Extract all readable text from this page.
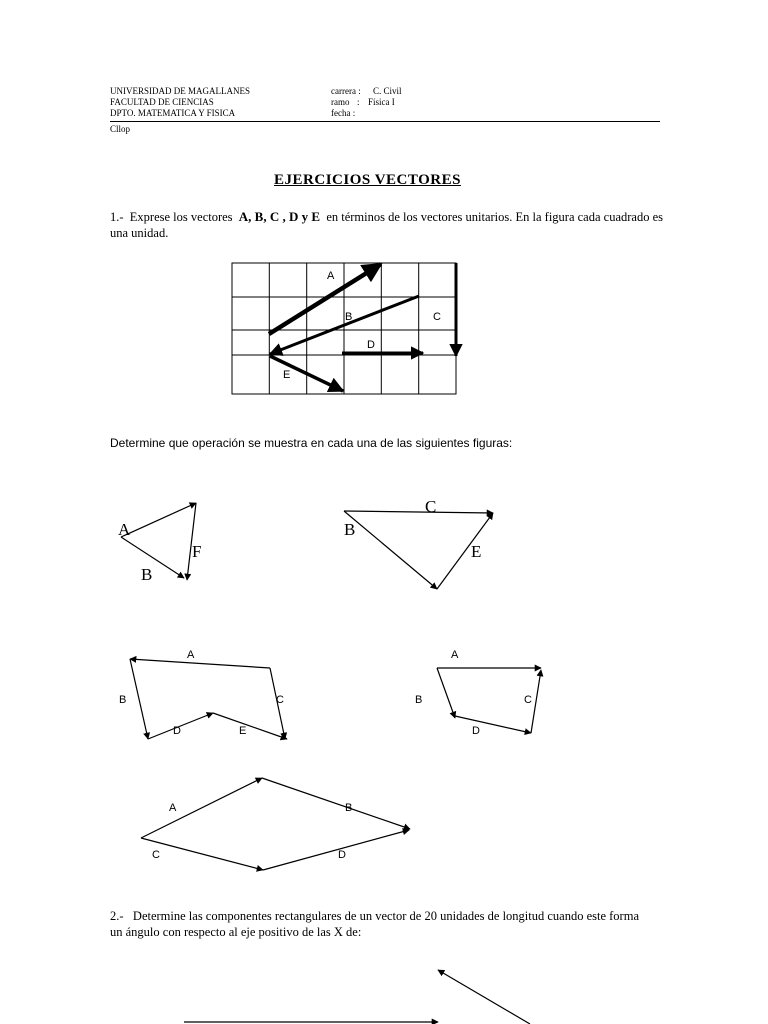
UNIVERSIDAD DE MAGALLANES
FACULTAD DE CIENCIAS
DPTO. MATEMATICA Y FISICA
Cllop
carrera : C. Civil
ramo : Física I
fecha :
EJERCICIOS VECTORES
1.- Exprese los vectores A, B, C , D y E en términos de los vectores unitarios. En la figura cada cuadrado es una unidad.
Determine que operación se muestra en cada una de las siguientes figuras:
2.- Determine las componentes rectangulares de un vector de 20 unidades de longitud cuando este forma un ángulo con respecto al eje positivo de las X de:
A
B	C
D
E
A
B
F
C
B
E
A
B	C
D	E
A
B	C
D
A	B
C	D
